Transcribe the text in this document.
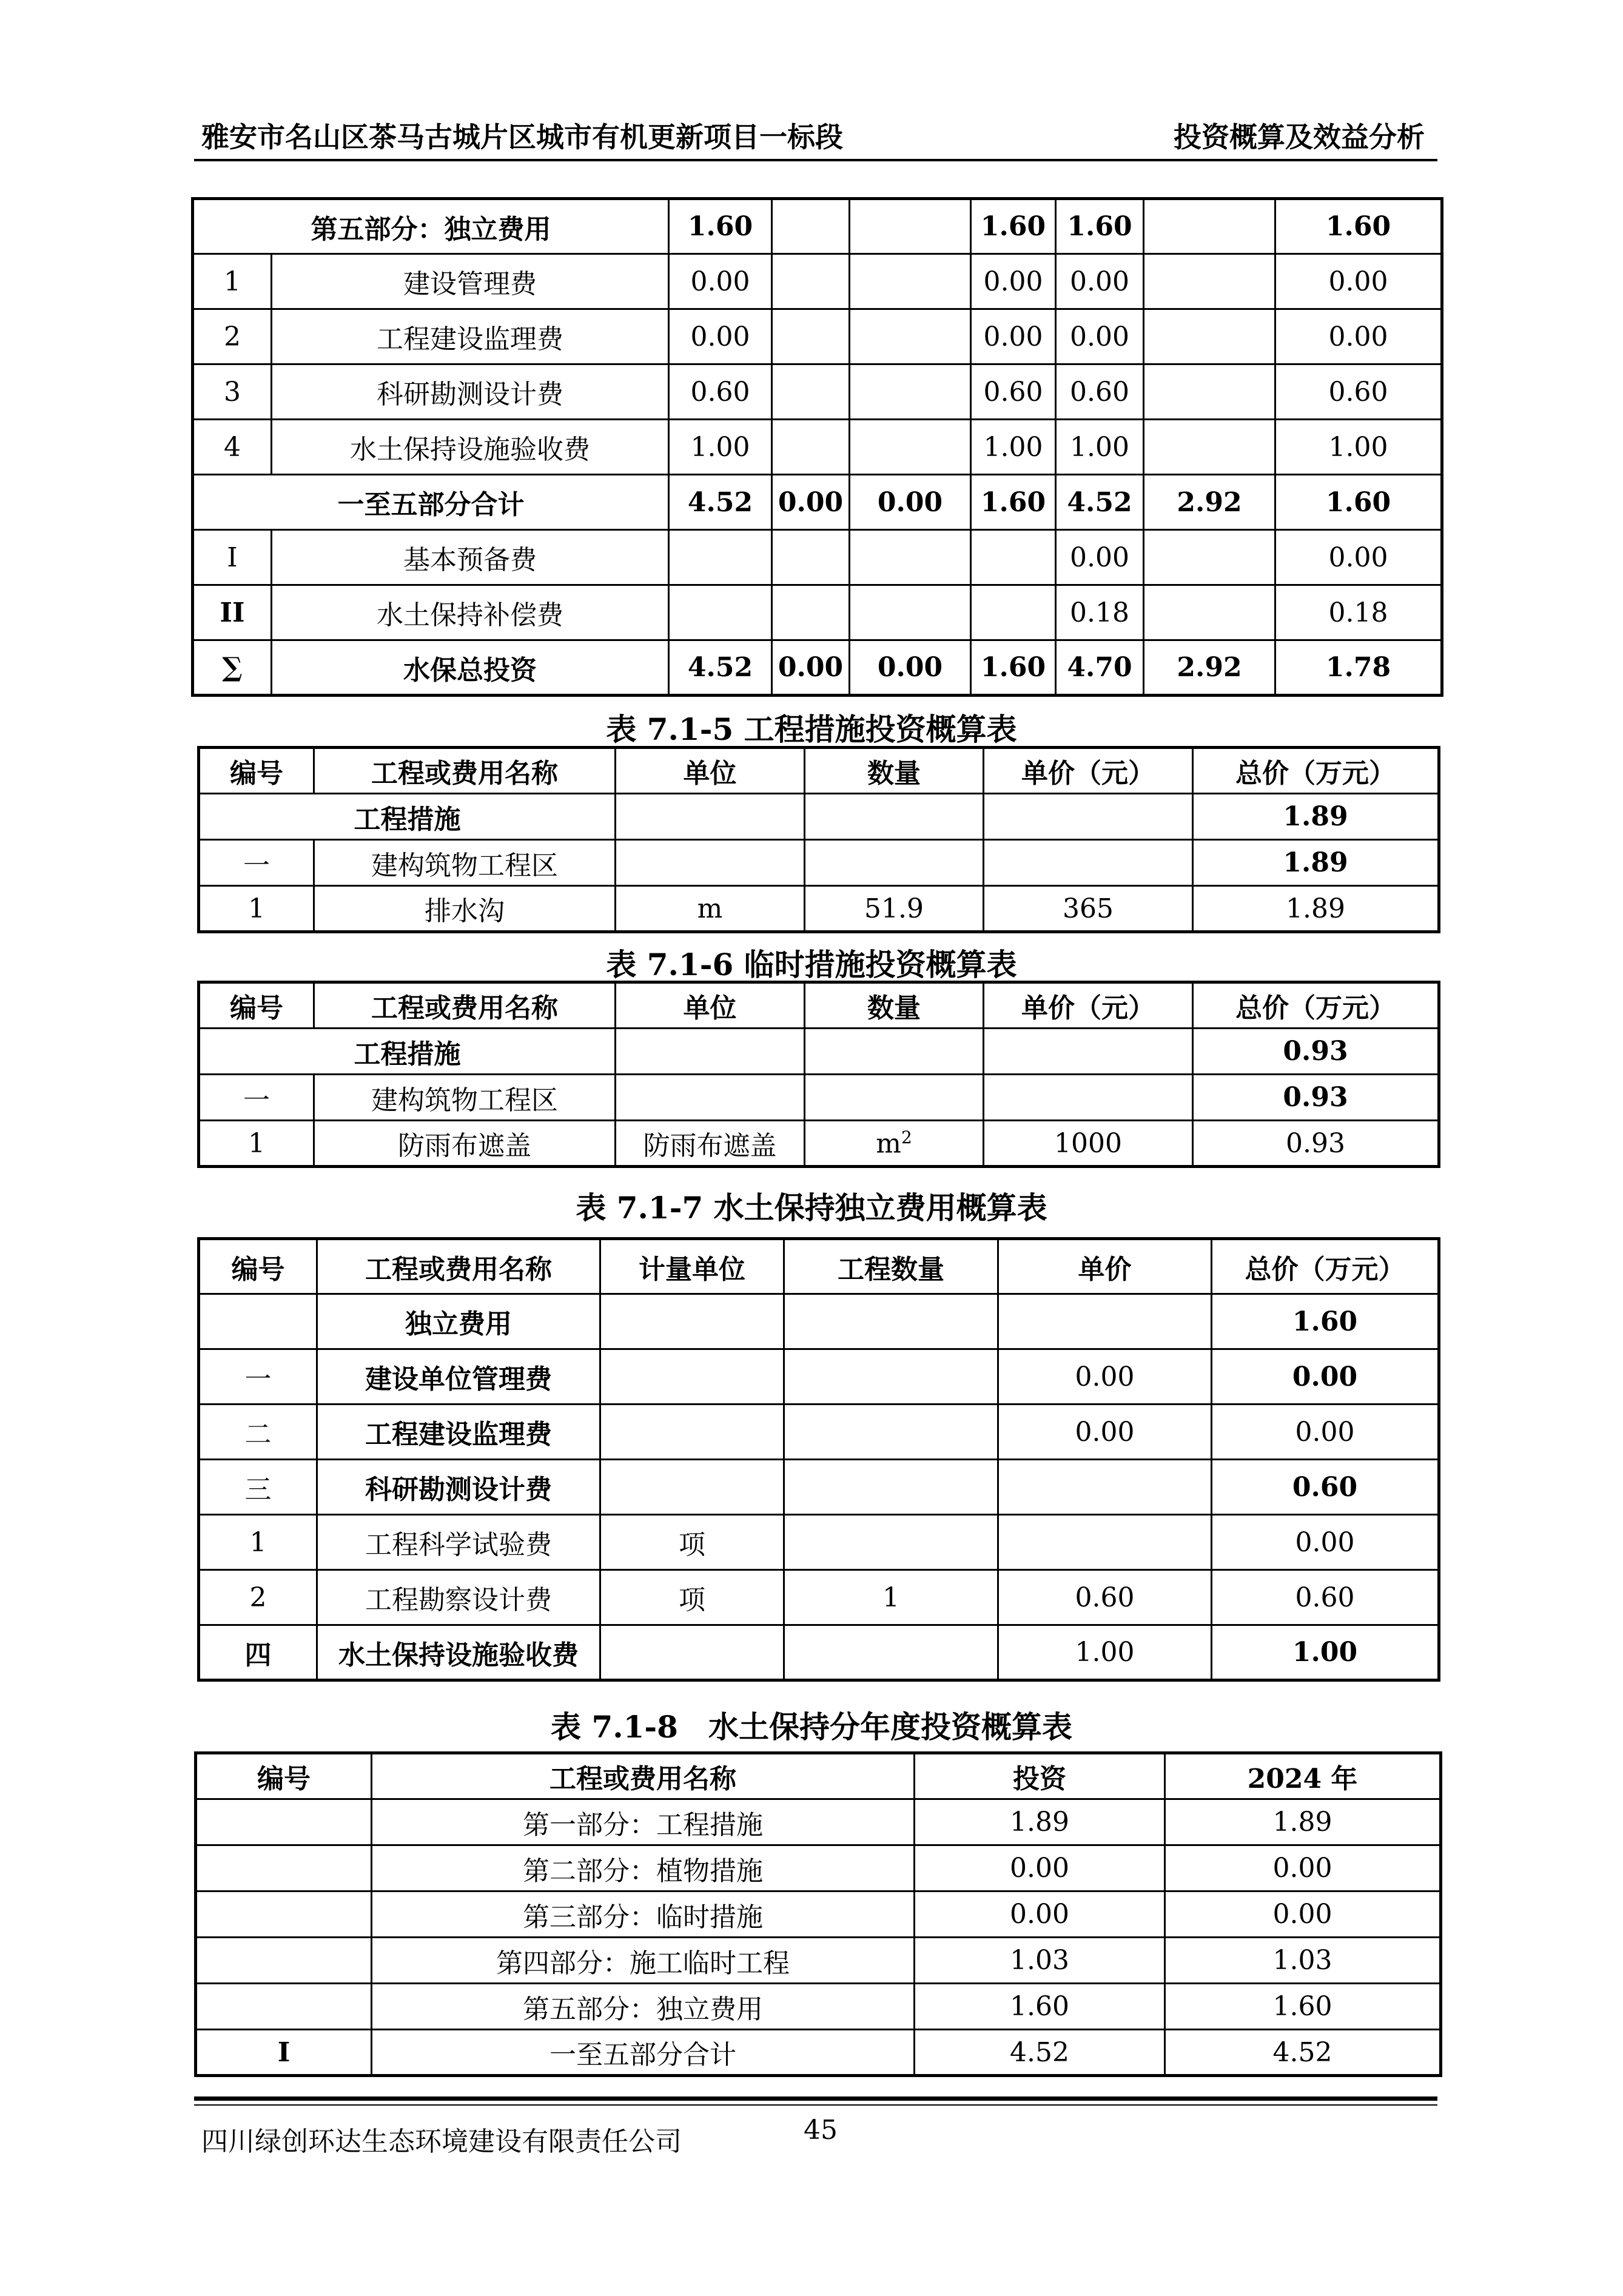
雅安市名山区茶马古城片区城市有机更新项目一标段	投资概算及效益分析
第五部分：独立费用		1.60			1.60	1.60		1.60
1	建设管理费	0.00			0.00	0.00		0.00
2	工程建设监理费	0.00			0.00	0.00		0.00
3	科研勘测设计费	0.60			0.60	0.60		0.60
4	水土保持设施验收费	1.00			1.00	1.00		1.00
一至五部分合计		4.52	0.00	0.00	1.60	4.52	2.92	1.60
I	基本预备费					0.00		0.00
II	水土保持补偿费					0.18		0.18
∑	水保总投资	4.52	0.00	0.00	1.60	4.70	2.92	1.78
表 7.1-5 工程措施投资概算表
编号	工程或费用名称	单位	数量	单价（元）	总价（万元）
工程措施					1.89
一	建构筑物工程区				1.89
1	排水沟	m	51.9	365	1.89
表 7.1-6 临时措施投资概算表
编号	工程或费用名称	单位	数量	单价（元）	总价（万元）
工程措施					0.93
一	建构筑物工程区				0.93
1	防雨布遮盖	防雨布遮盖	$m^2$	1000	0.93
表 7.1-7 水土保持独立费用概算表
编号	工程或费用名称	计量单位	工程数量	单价	总价（万元）
	独立费用				1.60
一	建设单位管理费			0.00	0.00
二	工程建设监理费			0.00	0.00
三	科研勘测设计费				0.60
1	工程科学试验费	项			0.00
2	工程勘察设计费	项	1	0.60	0.60
四	水土保持设施验收费			1.00	1.00
表 7.1-8　水土保持分年度投资概算表
编号	工程或费用名称	投资	2024 年
	第一部分：工程措施	1.89	1.89
	第二部分：植物措施	0.00	0.00
	第三部分：临时措施	0.00	0.00
	第四部分：施工临时工程	1.03	1.03
	第五部分：独立费用	1.60	1.60
I	一至五部分合计	4.52	4.52
四川绿创环达生态环境建设有限责任公司	45
